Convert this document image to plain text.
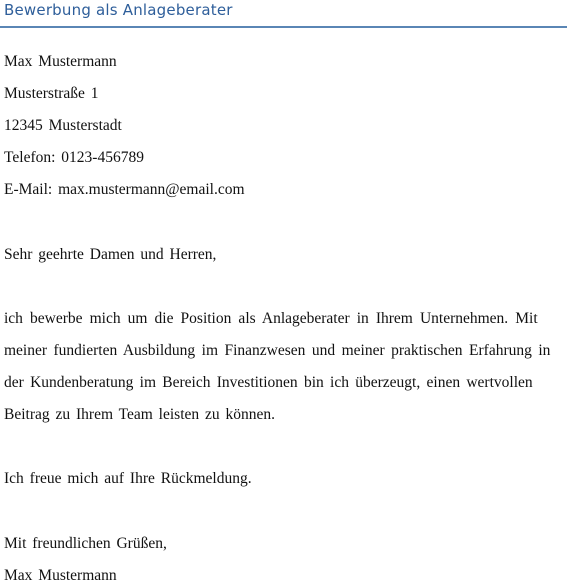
Bewerbung als Anlageberater
Max Mustermann
Musterstraße 1
12345 Musterstadt
Telefon: 0123-456789
E-Mail: max.mustermann@email.com
Sehr geehrte Damen und Herren,
ich bewerbe mich um die Position als Anlageberater in Ihrem Unternehmen. Mit
meiner fundierten Ausbildung im Finanzwesen und meiner praktischen Erfahrung in
der Kundenberatung im Bereich Investitionen bin ich überzeugt, einen wertvollen
Beitrag zu Ihrem Team leisten zu können.
Ich freue mich auf Ihre Rückmeldung.
Mit freundlichen Grüßen,
Max Mustermann
